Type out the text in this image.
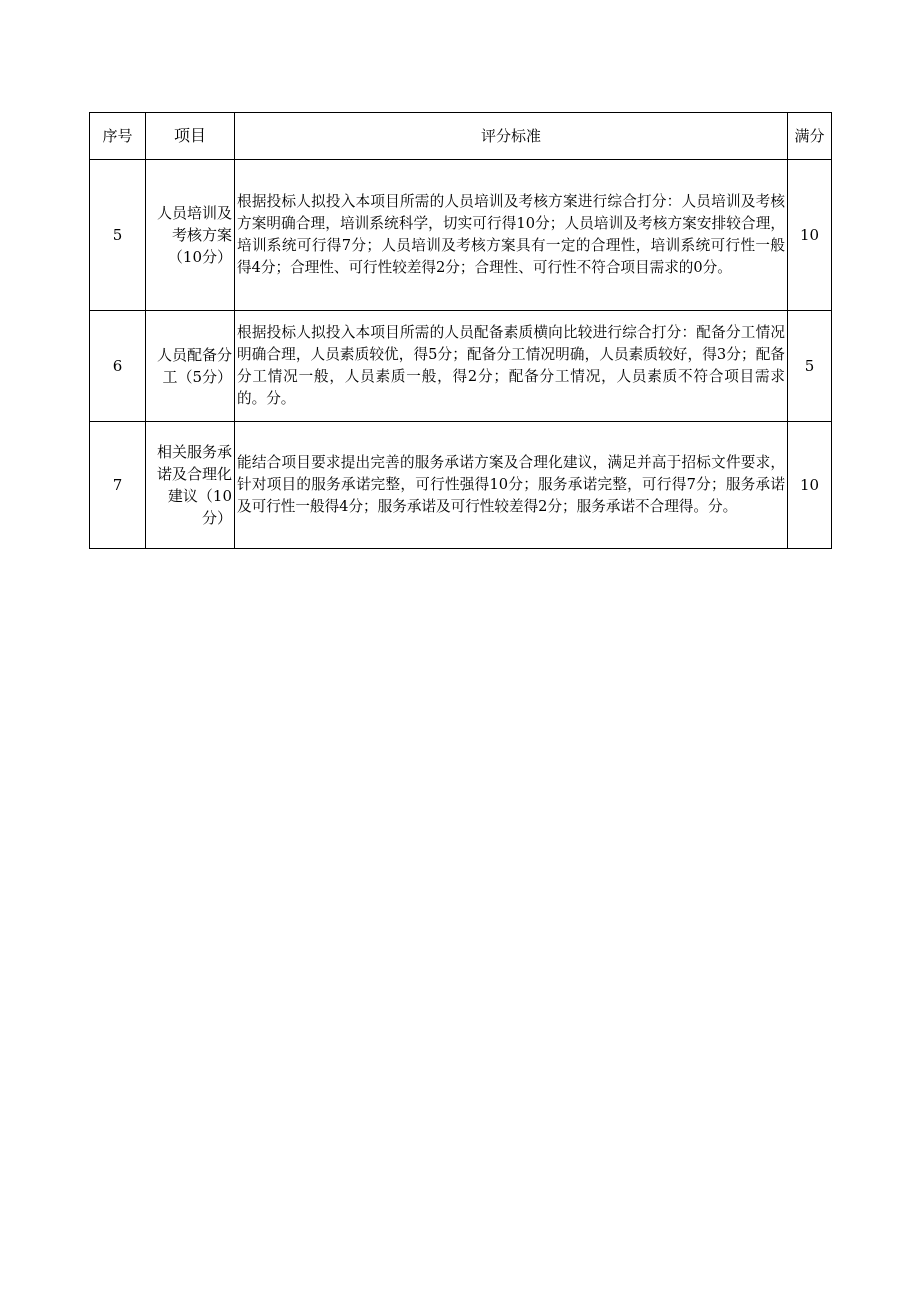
序号	项目	评分标准	满分
5	人员培训及考核方案（10分）	根据投标人拟投入本项目所需的人员培训及考核方案进行综合打分：人员培训及考核方案明确合理，培训系统科学，切实可行得10分；人员培训及考核方案安排较合理，培训系统可行得7分；人员培训及考核方案具有一定的合理性，培训系统可行性一般得4分；合理性、可行性较差得2分；合理性、可行性不符合项目需求的0分。	10
6	人员配备分工（5分）	根据投标人拟投入本项目所需的人员配备素质横向比较进行综合打分：配备分工情况明确合理，人员素质较优，得5分；配备分工情况明确，人员素质较好，得3分；配备分工情况一般，人员素质一般，得2分；配备分工情况，人员素质不符合项目需求的。分。	5
7	相关服务承诺及合理化建议（10分）	能结合项目要求提出完善的服务承诺方案及合理化建议，满足并高于招标文件要求，针对项目的服务承诺完整，可行性强得10分；服务承诺完整，可行得7分；服务承诺及可行性一般得4分；服务承诺及可行性较差得2分；服务承诺不合理得。分。	10
